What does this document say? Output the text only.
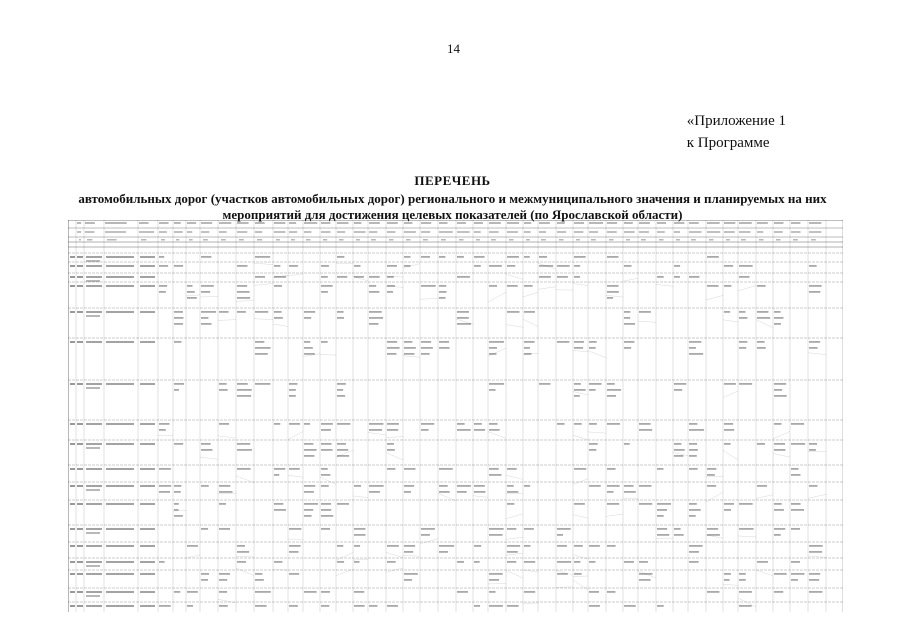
14
«Приложение 1
к Программе
ПЕРЕЧЕНЬ
автомобильных дорог (участков автомобильных дорог) регионального и межмуниципального значения и планируемых на них
мероприятий для достижения целевых показателей (по Ярославской области)
